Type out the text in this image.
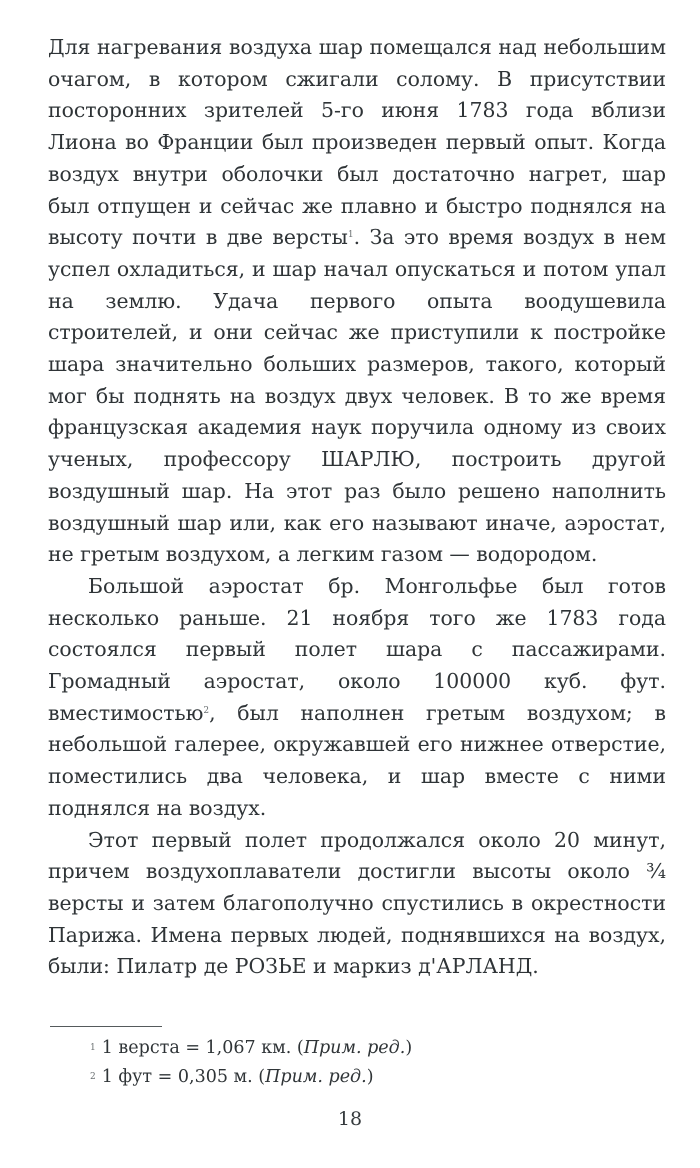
Для нагревания воздуха шар помещался над небольшим очагом, в котором сжигали солому. В присутствии посторонних зрителей 5-го июня 1783 года вблизи Лиона во Франции был произведен первый опыт. Когда воздух внутри оболочки был достаточно нагрет, шар был отпущен и сейчас же плавно и быстро поднялся на высоту почти в две версты$^1$. За это время воздух в нем успел охладиться, и шар начал опускаться и потом упал на землю. Удача первого опыта воодушевила строителей, и они сейчас же приступили к постройке шара значительно больших размеров, такого, который мог бы поднять на воздух двух человек. В то же время французская академия наук поручила одному из своих ученых, профессору ШАРЛЮ, построить другой воздушный шар. На этот раз было решено наполнить воздушный шар или, как его называют иначе, аэростат, не гретым воздухом, а легким газом — водородом.

Большой аэростат бр. Монгольфье был готов несколько раньше. 21 ноября того же 1783 года состоялся первый полет шара с пассажирами. Громадный аэростат, около 100000 куб. фут. вместимостью$^2$, был наполнен гретым воздухом; в небольшой галерее, окружавшей его нижнее отверстие, поместились два человека, и шар вместе с ними поднялся на воздух.

Этот первый полет продолжался около 20 минут, причем воздухоплаватели достигли высоты около ¾ версты и затем благополучно спустились в окрестности Парижа. Имена первых людей, поднявшихся на воздух, были: Пилатр де РОЗЬЕ и маркиз д'АРЛАНД.

$^1$ 1 верста = 1,067 км. (Прим. ред.)
$^2$ 1 фут = 0,305 м. (Прим. ред.)
18
